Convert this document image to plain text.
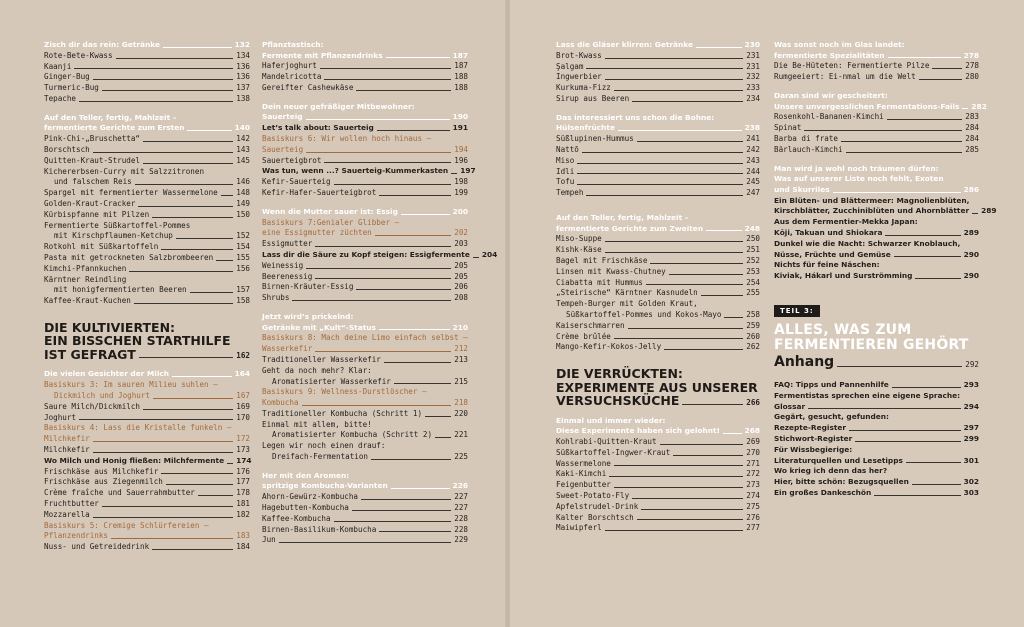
Zisch dir das rein: Getränke	132
Rote-Bete-Kwass	134
Kaanji	136
Ginger-Bug	136
Turmeric-Bug	137
Tepache	138
Auf den Teller, fertig, Mahlzeit –
fermentierte Gerichte zum Ersten	140
Pink-Chi-„Bruschetta“	142
Borschtsch	143
Quitten-Kraut-Strudel	145
Kichererbsen-Curry mit Salzzitronen
und falschem Reis	146
Spargel mit fermentierter Wassermelone 148
Golden-Kraut-Cracker	149
Kürbispfanne mit Pilzen	150
Fermentierte Süßkartoffel-Pommes
mit Kirschpflaumen-Ketchup	152
Rotkohl mit Süßkartoffeln	154
Pasta mit getrockneten Salzbrombeeren	155
Kimchi-Pfannkuchen	156
Kärntner Reindling
mit honigfermentierten Beeren	157
Kaffee-Kraut-Kuchen	158
DIE KULTIVIERTEN:
EIN BISSCHEN STARTHILFE
IST GEFRAGT	162
Die vielen Gesichter der Milch	164
Basiskurs 3: Im sauren Milieu suhlen –
Dickmilch und Joghurt	167
Saure Milch/Dickmilch	169
Joghurt	170
Basiskurs 4: Lass die Kristalle funkeln –
Milchkefir	172
Milchkefir	173
Wo Milch und Honig fließen: Milchfermente 174
Frischkäse aus Milchkefir	176
Frischkäse aus Ziegenmilch	177
Crème fraîche und Sauerrahmbutter	178
Fruchtbutter	181
Mozzarella	182
Basiskurs 5: Cremige Schlürfereien –
Pflanzendrinks	183
Nuss- und Getreidedrink	184
Pflanztastisch:
Fermente mit Pflanzendrinks	187
Haferjoghurt	187
Mandelricotta	188
Gereifter Cashewkäse	188
Dein neuer gefräßiger Mitbewohner:
Sauerteig	190
Let’s talk about: Sauerteig	191
Basiskurs 6: Wir wollen hoch hinaus –
Sauerteig	194
Sauerteigbrot	196
Was tun, wenn ...? Sauerteig-Kummerkasten 197
Kefir-Sauerteig	198
Kefir-Hafer-Sauerteigbrot	199
Wenn die Mutter sauer ist: Essig	200
Basiskurs 7:Genialer Glibber –
eine Essigmutter züchten	202
Essigmutter	203
Lass dir die Säure zu Kopf steigen: Essigfermente 204
Weinessig	205
Beerenessig	205
Birnen-Kräuter-Essig	206
Shrubs	208
Jetzt wird’s prickelnd:
Getränke mit „Kult“-Status	210
Basiskurs 8: Mach deine Limo einfach selbst –
Wasserkefir	212
Traditioneller Wasserkefir	213
Geht da noch mehr? Klar:
Aromatisierter Wasserkefir	215
Basiskurs 9: Wellness-Durstlöscher –
Kombucha	218
Traditioneller Kombucha (Schritt 1)	220
Einmal mit allem, bitte!
Aromatisierter Kombucha (Schritt 2)	221
Legen wir noch einen drauf:
Dreifach-Fermentation	225
Her mit den Aromen:
spritzige Kombucha-Varianten	226
Ahorn-Gewürz-Kombucha	227
Hagebutten-Kombucha	227
Kaffee-Kombucha	228
Birnen-Basilikum-Kombucha	228
Jun	229
Lass die Gläser klirren: Getränke	230
Brot-Kwass	231
Şalgam	231
Ingwerbier	232
Kurkuma-Fizz	233
Sirup aus Beeren	234
Das interessiert uns schon die Bohne:
Hülsenfrüchte	238
Süßlupinen-Hummus	241
Nattō	242
Miso	243
Idli	244
Tofu	245
Tempeh	247
Auf den Teller, fertig, Mahlzeit –
fermentierte Gerichte zum Zweiten	248
Miso-Suppe	250
Kishk-Käse	251
Bagel mit Frischkäse	252
Linsen mit Kwass-Chutney	253
Ciabatta mit Hummus	254
„Steirische“ Kärntner Kasnudeln	255
Tempeh-Burger mit Golden Kraut,
Süßkartoffel-Pommes und Kokos-Mayo	258
Kaiserschmarren	259
Crème brûlée	260
Mango-Kefir-Kokos-Jelly	262
DIE VERRÜCKTEN:
EXPERIMENTE AUS UNSERER
VERSUCHSKÜCHE	266
Einmal und immer wieder:
Diese Experimente haben sich gelohnt!	268
Kohlrabi-Quitten-Kraut	269
Süßkartoffel-Ingwer-Kraut	270
Wassermelone	271
Kaki-Kimchi	272
Feigenbutter	273
Sweet-Potato-Fly	274
Apfelstrudel-Drink	275
Kalter Borschtsch	276
Maiwipferl	277
Was sonst noch im Glas landet:
fermentierte Spezialitäten	278
Die Be-Hüteten: Fermentierte Pilze	278
Rumgeeiert: Ei-nmal um die Welt	280
Daran sind wir gescheitert:
Unsere unvergesslichen Fermentations-Fails 282
Rosenkohl-Bananen-Kimchi	283
Spinat	284
Barba di frate	284
Bärlauch-Kimchi	285
Man wird ja wohl noch träumen dürfen:
Was auf unserer Liste noch fehlt, Exoten
und Skurriles	286
Ein Blüten- und Blättermeer: Magnolienblüten,
Kirschblätter, Zucchiniblüten und Ahornblätter 289
Aus dem Fermentier-Mekka Japan:
Kōji, Takuan und Shiokara	289
Dunkel wie die Nacht: Schwarzer Knoblauch,
Nüsse, Früchte und Gemüse	290
Nichts für feine Näschen:
Kiviak, Hákarl und Surströmming	290
TEIL 3:
ALLES, WAS ZUM
FERMENTIEREN GEHÖRT
Anhang	292
FAQ: Tipps und Pannenhilfe	293
Fermentistas sprechen eine eigene Sprache:
Glossar	294
Gegärt, gesucht, gefunden:
Rezepte-Register	297
Stichwort-Register	299
Für Wissbegierige:
Literaturquellen und Lesetipps	301
Wo krieg ich denn das her?
Hier, bitte schön: Bezugsquellen	302
Ein großes Dankeschön	303
